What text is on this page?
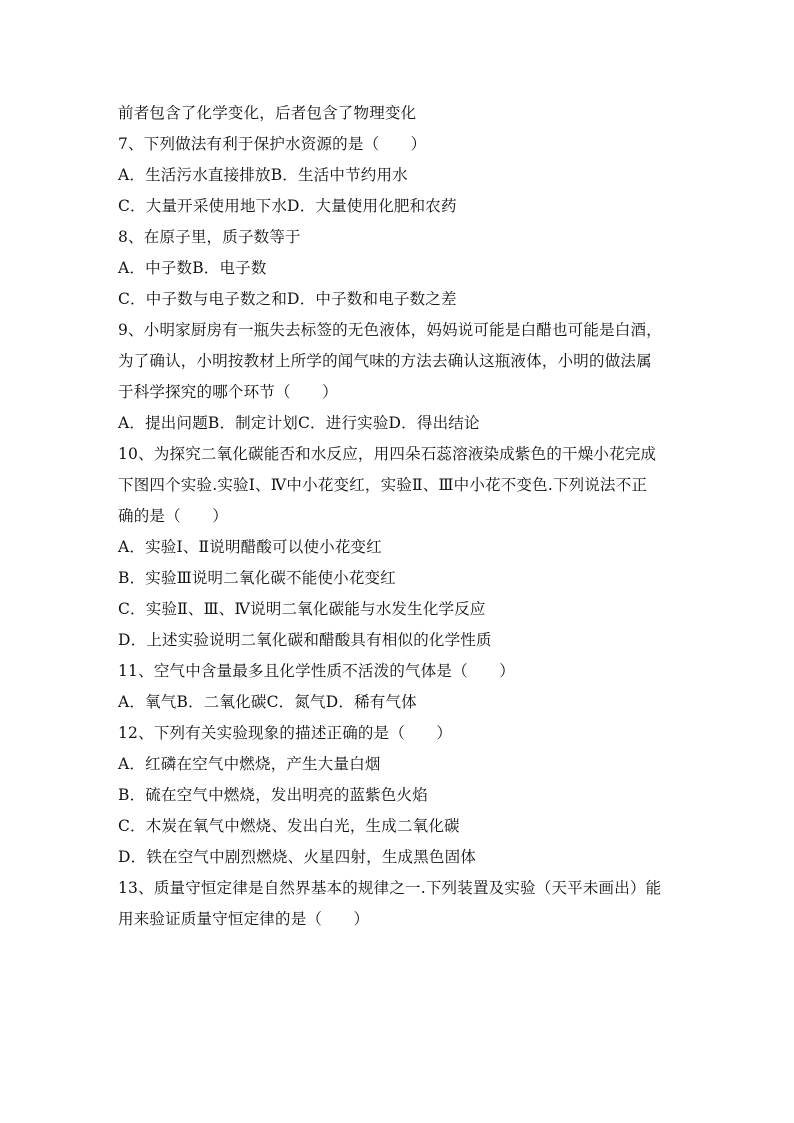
前者包含了化学变化，后者包含了物理变化
7、下列做法有利于保护水资源的是（　　）
A．生活污水直接排放B．生活中节约用水
C．大量开采使用地下水D．大量使用化肥和农药
8、在原子里，质子数等于
A．中子数B．电子数
C．中子数与电子数之和D．中子数和电子数之差
9、小明家厨房有一瓶失去标签的无色液体，妈妈说可能是白醋也可能是白酒，
为了确认，小明按教材上所学的闻气味的方法去确认这瓶液体，小明的做法属
于科学探究的哪个环节（　　）
A．提出问题B．制定计划C．进行实验D．得出结论
10、为探究二氧化碳能否和水反应，用四朵石蕊溶液染成紫色的干燥小花完成
下图四个实验.实验Ⅰ、Ⅳ中小花变红，实验Ⅱ、Ⅲ中小花不变色.下列说法不正
确的是（　　）
A．实验Ⅰ、Ⅱ说明醋酸可以使小花变红
B．实验Ⅲ说明二氧化碳不能使小花变红
C．实验Ⅱ、Ⅲ、Ⅳ说明二氧化碳能与水发生化学反应
D．上述实验说明二氧化碳和醋酸具有相似的化学性质
11、空气中含量最多且化学性质不活泼的气体是（　　）
A．氧气B．二氧化碳C．氮气D．稀有气体
12、下列有关实验现象的描述正确的是（　　）
A．红磷在空气中燃烧，产生大量白烟
B．硫在空气中燃烧，发出明亮的蓝紫色火焰
C．木炭在氧气中燃烧、发出白光，生成二氧化碳
D．铁在空气中剧烈燃烧、火星四射，生成黑色固体
13、质量守恒定律是自然界基本的规律之一.下列装置及实验（天平未画出）能
用来验证质量守恒定律的是（　　）
